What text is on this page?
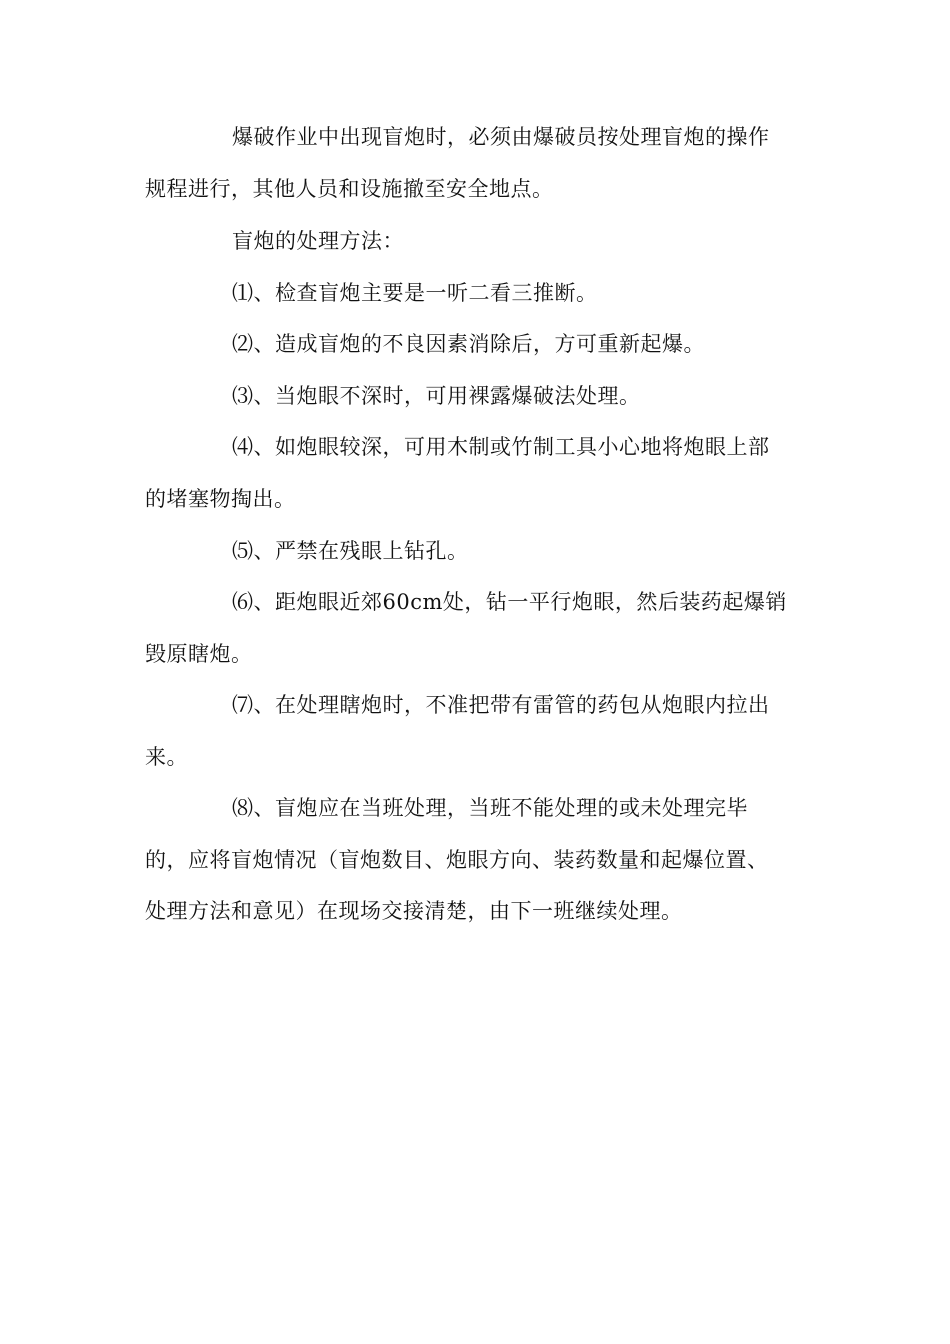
爆破作业中出现盲炮时，必须由爆破员按处理盲炮的操作
规程进行，其他人员和设施撤至安全地点。
盲炮的处理方法：
⑴、检查盲炮主要是一听二看三推断。
⑵、造成盲炮的不良因素消除后，方可重新起爆。
⑶、当炮眼不深时，可用裸露爆破法处理。
⑷、如炮眼较深，可用木制或竹制工具小心地将炮眼上部
的堵塞物掏出。
⑸、严禁在残眼上钻孔。
⑹、距炮眼近郊60cm处，钻一平行炮眼，然后装药起爆销
毁原瞎炮。
⑺、在处理瞎炮时，不准把带有雷管的药包从炮眼内拉出
来。
⑻、盲炮应在当班处理，当班不能处理的或未处理完毕
的，应将盲炮情况（盲炮数目、炮眼方向、装药数量和起爆位置、
处理方法和意见）在现场交接清楚，由下一班继续处理。
